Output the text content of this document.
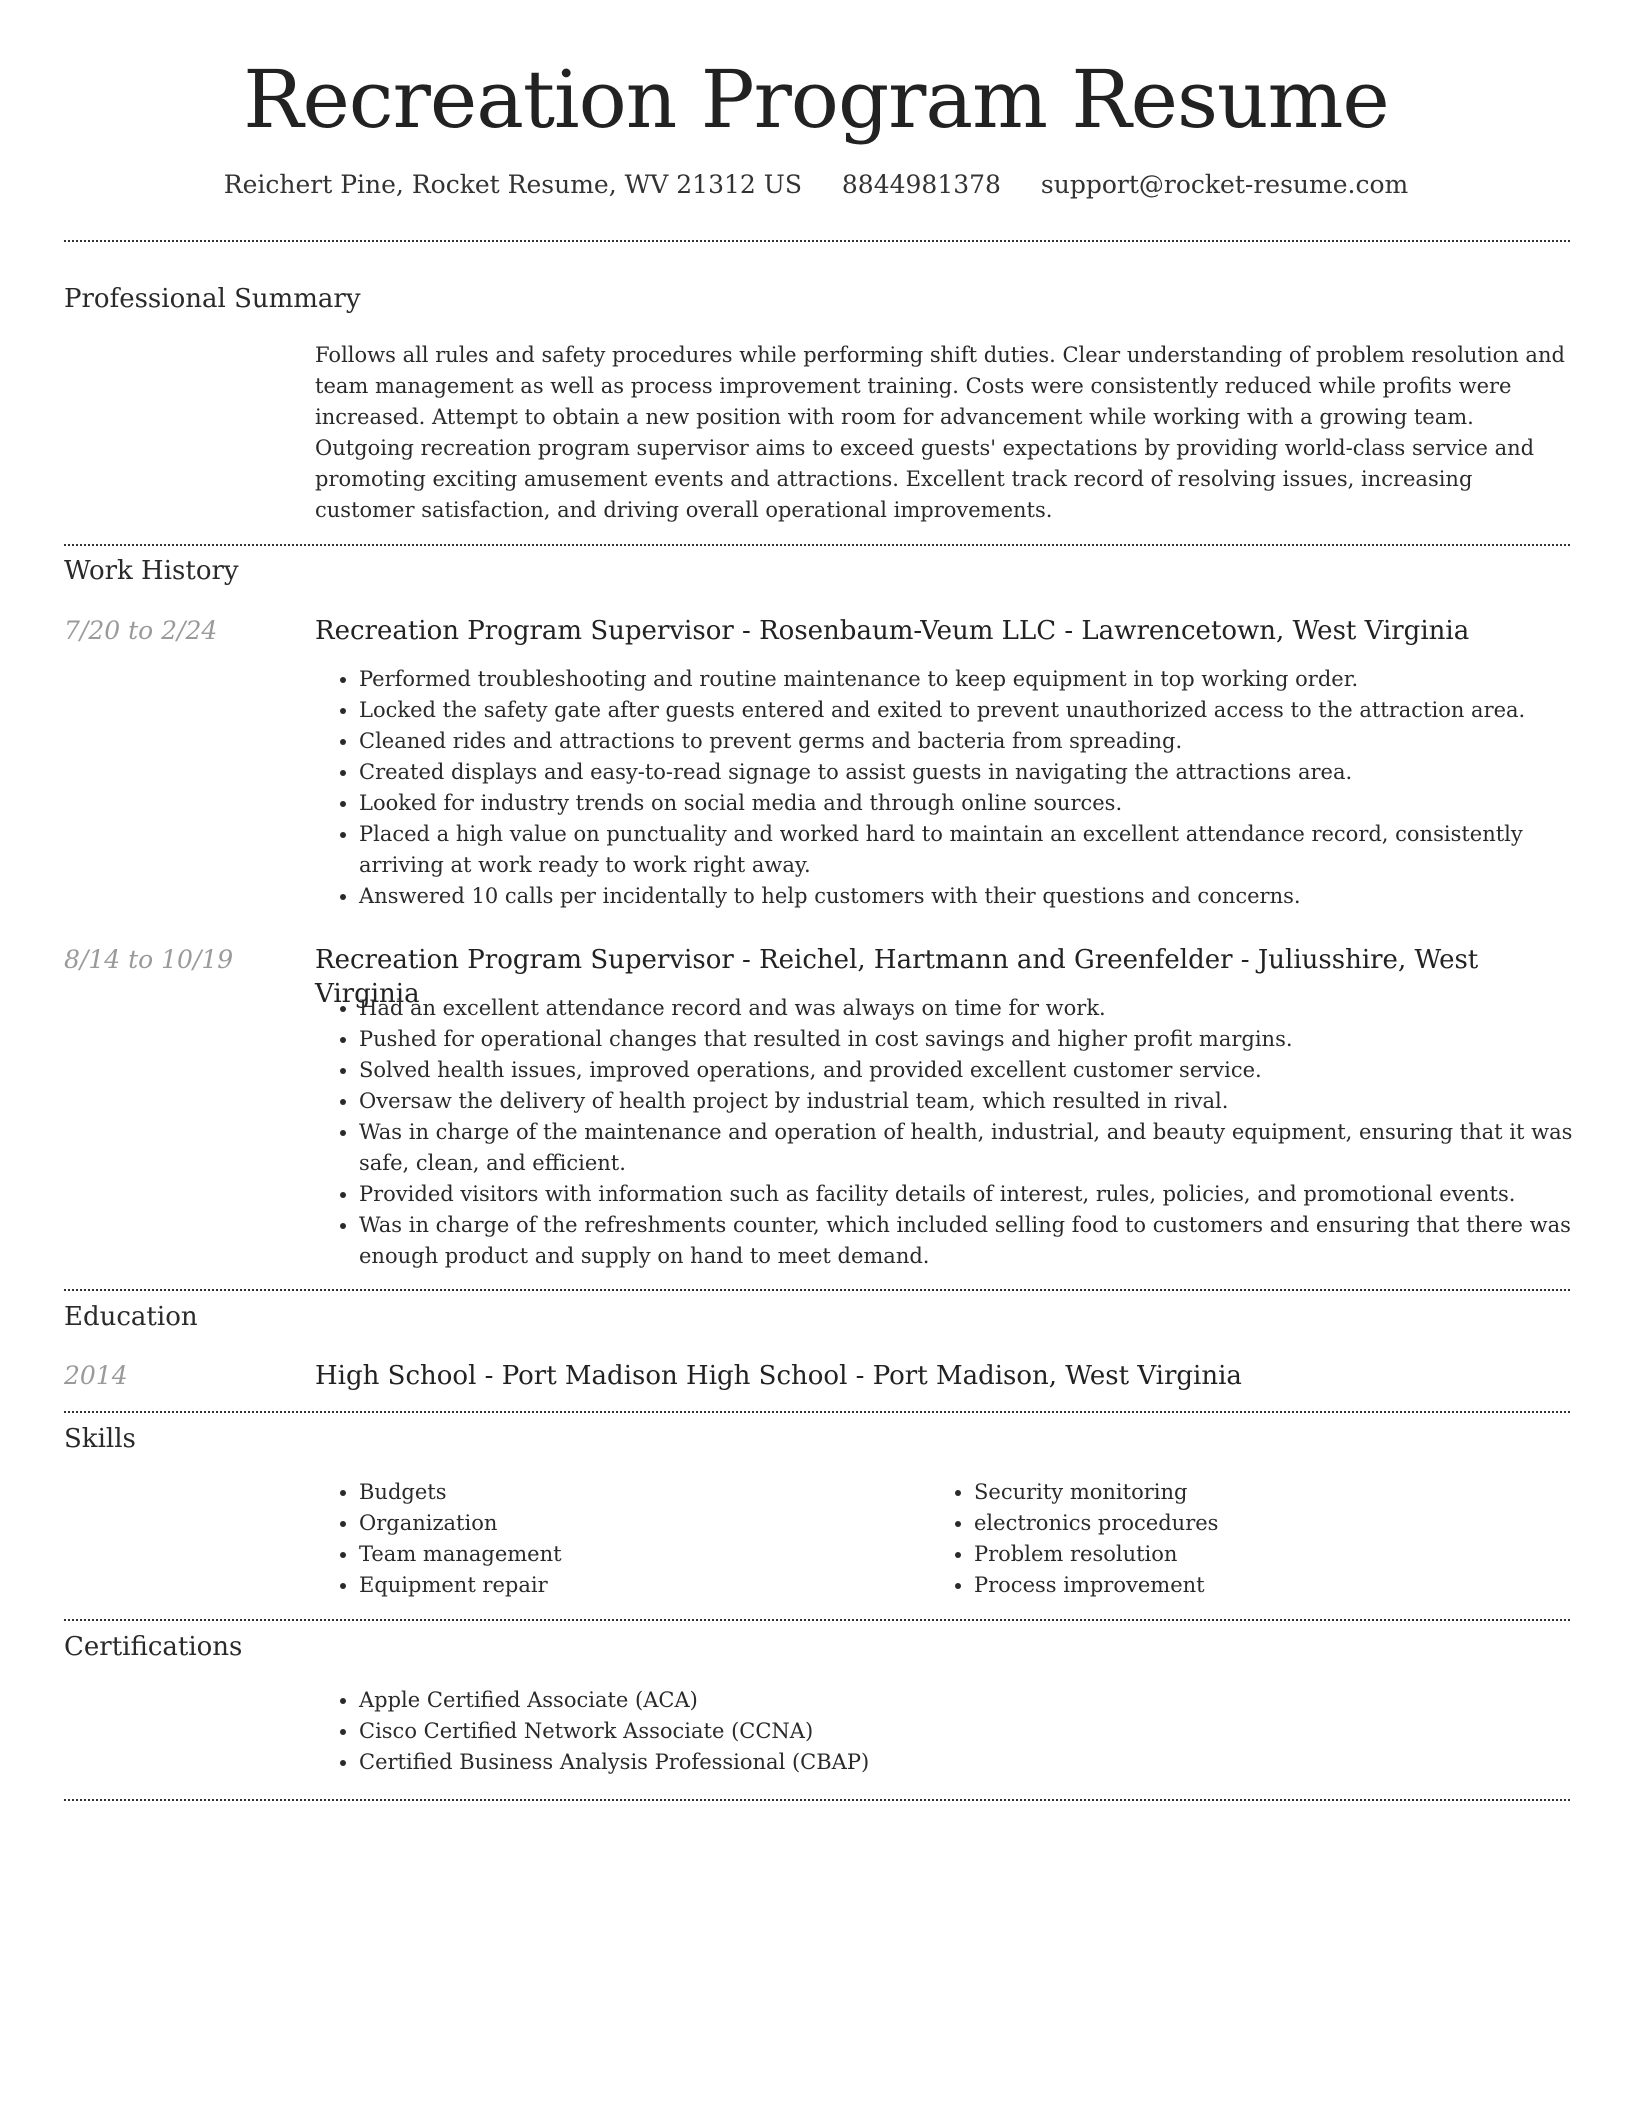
Recreation Program Resume
Reichert Pine, Rocket Resume, WV 21312 US 8844981378 support@rocket-resume.com
Professional Summary

Follows all rules and safety procedures while performing shift duties. Clear understanding of problem resolution and team management as well as process improvement training. Costs were consistently reduced while profits were increased. Attempt to obtain a new position with room for advancement while working with a growing team. Outgoing recreation program supervisor aims to exceed guests' expectations by providing world-class service and promoting exciting amusement events and attractions. Excellent track record of resolving issues, increasing customer satisfaction, and driving overall operational improvements.

Work History
7/20 to 2/24	Recreation Program Supervisor - Rosenbaum-Veum LLC - Lawrencetown, West Virginia
• Performed troubleshooting and routine maintenance to keep equipment in top working order.
• Locked the safety gate after guests entered and exited to prevent unauthorized access to the attraction area.
• Cleaned rides and attractions to prevent germs and bacteria from spreading.
• Created displays and easy-to-read signage to assist guests in navigating the attractions area.
• Looked for industry trends on social media and through online sources.
• Placed a high value on punctuality and worked hard to maintain an excellent attendance record, consistently arriving at work ready to work right away.
• Answered 10 calls per incidentally to help customers with their questions and concerns.
8/14 to 10/19	Recreation Program Supervisor - Reichel, Hartmann and Greenfelder - Juliusshire, West Virginia
• Had an excellent attendance record and was always on time for work.
• Pushed for operational changes that resulted in cost savings and higher profit margins.
• Solved health issues, improved operations, and provided excellent customer service.
• Oversaw the delivery of health project by industrial team, which resulted in rival.
• Was in charge of the maintenance and operation of health, industrial, and beauty equipment, ensuring that it was safe, clean, and efficient.
• Provided visitors with information such as facility details of interest, rules, policies, and promotional events.
• Was in charge of the refreshments counter, which included selling food to customers and ensuring that there was enough product and supply on hand to meet demand.
Education
2014	High School - Port Madison High School - Port Madison, West Virginia
Skills
• Budgets
• Organization
• Team management
• Equipment repair
• Security monitoring
• electronics procedures
• Problem resolution
• Process improvement
Certifications
• Apple Certified Associate (ACA)
• Cisco Certified Network Associate (CCNA)
• Certified Business Analysis Professional (CBAP)
